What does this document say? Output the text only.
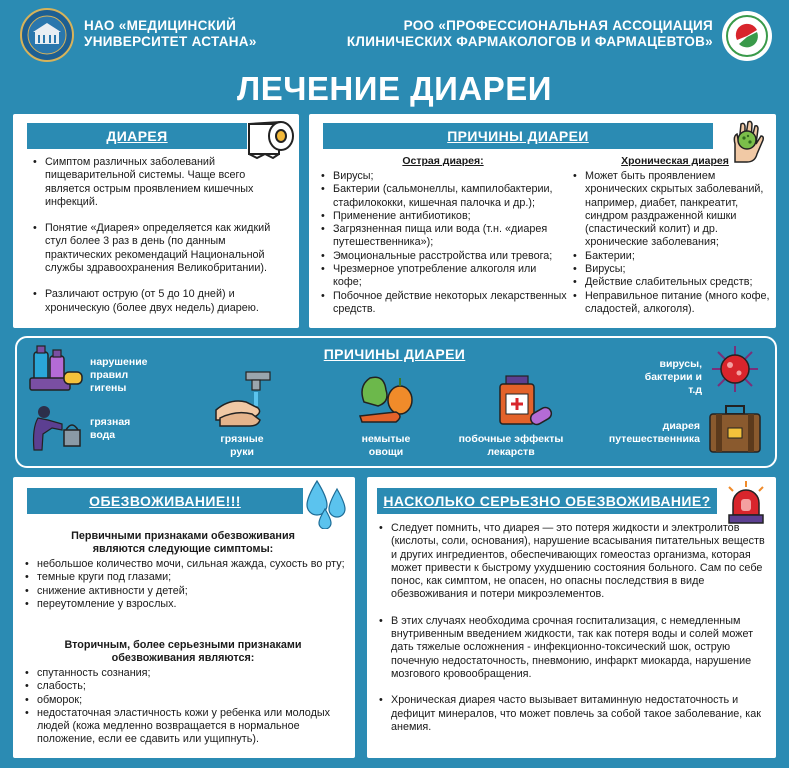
НАО «МЕДИЦИНСКИЙ
УНИВЕРСИТЕТ АСТАНА»
РОО «ПРОФЕССИОНАЛЬНАЯ АССОЦИАЦИЯ
КЛИНИЧЕСКИХ ФАРМАКОЛОГОВ И ФАРМАЦЕВТОВ»
ЛЕЧЕНИЕ ДИАРЕИ
ДИАРЕЯ
• Симптом различных заболеваний пищеварительной системы. Чаще всего является острым проявлением кишечных инфекций.
• Понятие «Диарея» определяется как жидкий стул более 3 раз в день (по данным практических рекомендаций Национальной службы здравоохранения Великобритании).
• Различают острую (от 5 до 10 дней) и хроническую (более двух недель) диарею.
ПРИЧИНЫ ДИАРЕИ
Острая диарея:
• Вирусы;
• Бактерии (сальмонеллы, кампилобактерии, стафилококки, кишечная палочка и др.);
• Применение антибиотиков;
• Загрязненная пища или вода (т.н. «диарея путешественника»);
• Эмоциональные расстройства или тревога;
• Чрезмерное употребление алкоголя или кофе;
• Побочное действие некоторых лекарственных средств.
Хроническая диарея
• Может быть проявлением хронических скрытых заболеваний, например, диабет, панкреатит, синдром раздраженной кишки (спастический колит) и др. хронические заболевания;
• Бактерии;
• Вирусы;
• Действие слабительных средств;
• Неправильное питание (много кофе, сладостей, алкоголя).
ПРИЧИНЫ ДИАРЕИ
нарушение правил гигены
грязная вода	грязные руки
немытые овощи
побочные эффекты лекарств
вирусы, бактерии и т.д
диарея путешественника
ОБЕЗВОЖИВАНИЕ!!!
Первичными признаками обезвоживания являются следующие симптомы:
• небольшое количество мочи, сильная жажда, сухость во рту;
• темные круги под глазами;
• снижение активности у детей;
• переутомление у взрослых.
Вторичным, более серьезными признаками обезвоживания являются:
• спутанность сознания;
• слабость;
• обморок;
• недостаточная эластичность кожи у ребенка или молодых людей (кожа медленно возвращается в нормальное положение, если ее сдавить или ущипнуть).
НАСКОЛЬКО СЕРЬЕЗНО ОБЕЗВОЖИВАНИЕ?
• Следует помнить, что диарея — это потеря жидкости и электролитов (кислоты, соли, основания), нарушение всасывания питательных веществ и других ингредиентов, обеспечивающих гомеостаз организма, которая может привести к быстрому ухудшению состояния больного. Сам по себе понос, как симптом, не опасен, но опасны последствия в виде обезвоживания и потери микроэлементов.
• В этих случаях необходима срочная госпитализация, с немедленным внутривенным введением жидкости, так как потеря воды и солей может дать тяжелые осложнения - инфекционно-токсический шок, острую почечную недостаточность, пневмонию, инфаркт миокарда, нарушение мозгового кровообращения.
• Хроническая диарея часто вызывает витаминную недостаточность и дефицит минералов, что может повлечь за собой такое заболевание, как анемия.
